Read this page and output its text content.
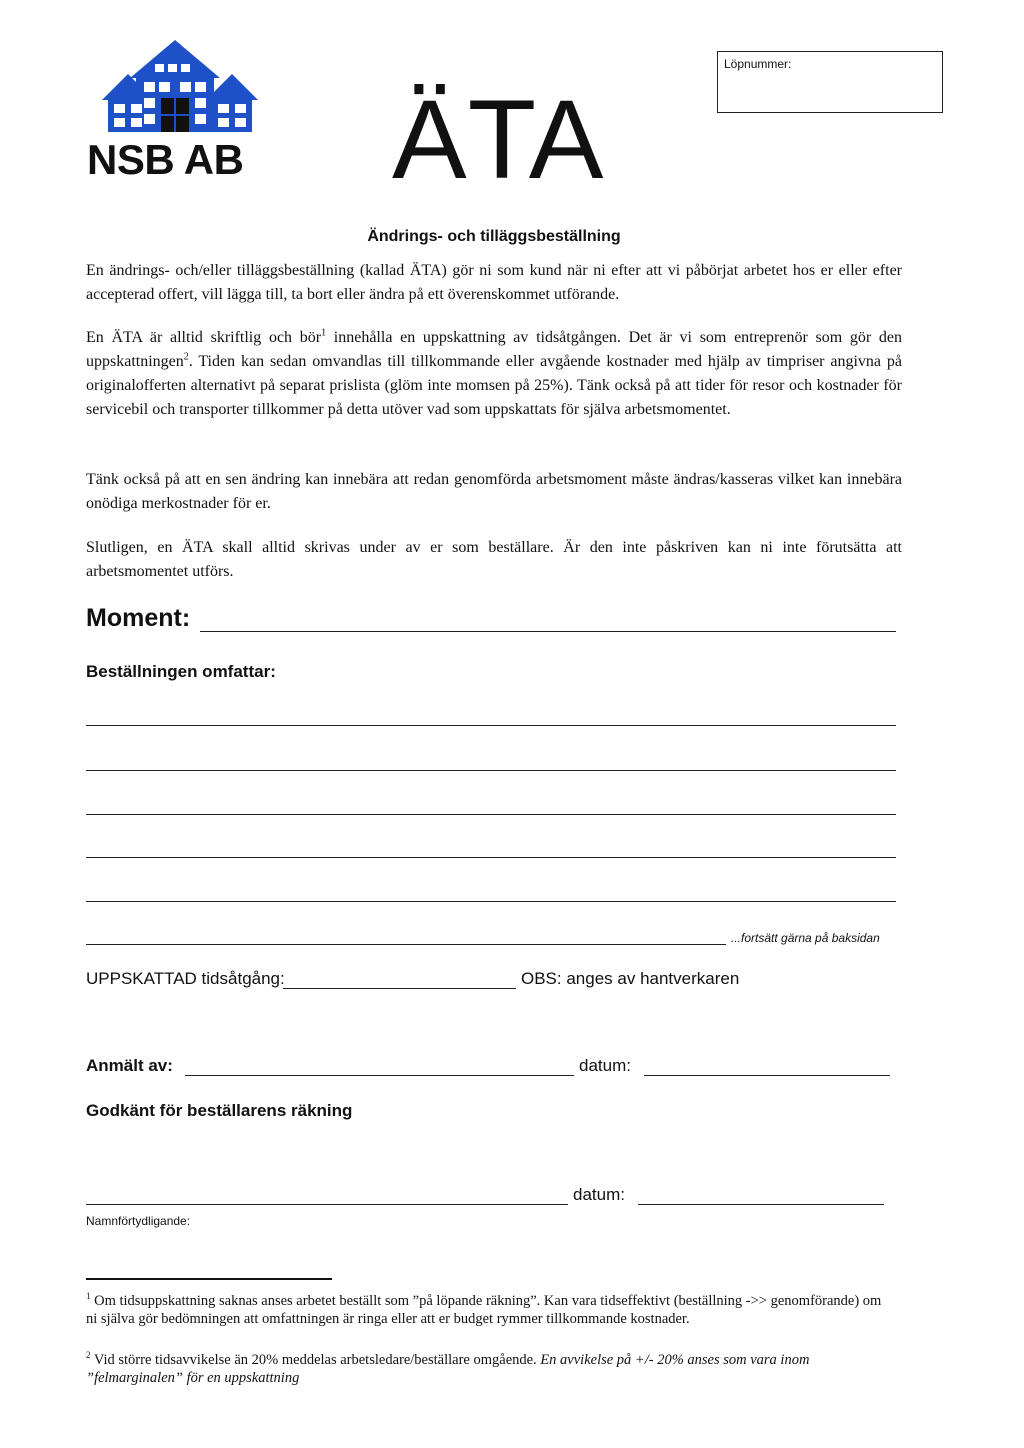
NSB AB ÄTA
Löpnummer:
Ändrings- och tilläggsbeställning
En ändrings- och/eller tilläggsbeställning (kallad ÄTA) gör ni som kund när ni efter att vi påbörjat arbetet hos er eller efter accepterad offert, vill lägga till, ta bort eller ändra på ett överenskommet utförande.
En ÄTA är alltid skriftlig och bör$^1$ innehålla en uppskattning av tidsåtgången. Det är vi som entreprenör som gör den uppskattningen$^2$. Tiden kan sedan omvandlas till tillkommande eller avgående kostnader med hjälp av timpriser angivna på originalofferten alternativt på separat prislista (glöm inte momsen på 25%). Tänk också på att tider för resor och kostnader för servicebil och transporter tillkommer på detta utöver vad som uppskattats för själva arbetsmomentet.
Tänk också på att en sen ändring kan innebära att redan genomförda arbetsmoment måste ändras/kasseras vilket kan innebära onödiga merkostnader för er.
Slutligen, en ÄTA skall alltid skrivas under av er som beställare. Är den inte påskriven kan ni inte förutsätta att arbetsmomentet utförs.
Moment:
Beställningen omfattar:
...fortsätt gärna på baksidan
UPPSKATTAD tidsåtgång:	OBS: anges av hantverkaren
Anmält av:	datum:
Godkänt för beställarens räkning
datum:
Namnförtydligande:
$^1$ Om tidsuppskattning saknas anses arbetet beställt som ”på löpande räkning”. Kan vara tidseffektivt (beställning ->> genomförande) om ni själva gör bedömningen att omfattningen är ringa eller att er budget rymmer tillkommande kostnader.
$^2$ Vid större tidsavvikelse än 20% meddelas arbetsledare/beställare omgående. En avvikelse på +/- 20% anses som vara inom ”felmarginalen” för en uppskattning
